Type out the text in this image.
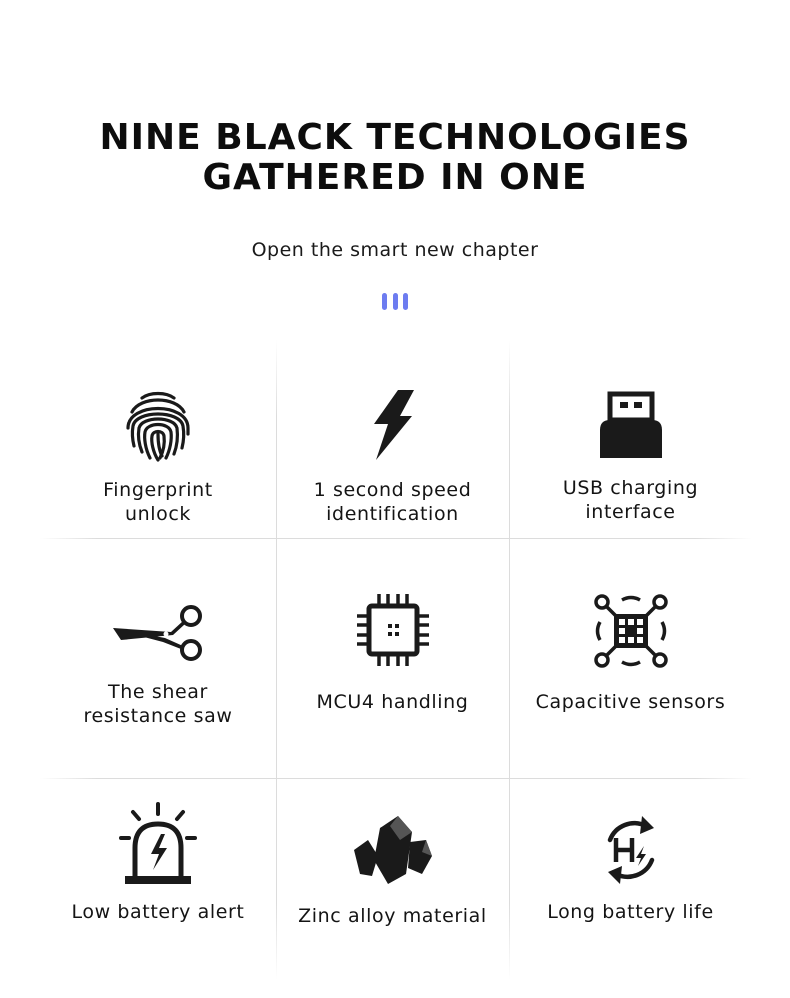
NINE BLACK TECHNOLOGIES
GATHERED IN ONE
Open the smart new chapter
Fingerprint
unlock
1 second speed
identification
USB charging
interface
The shear
resistance saw
MCU4 handling	Capacitive sensors
Low battery alert	Zinc alloy material	Long battery life
